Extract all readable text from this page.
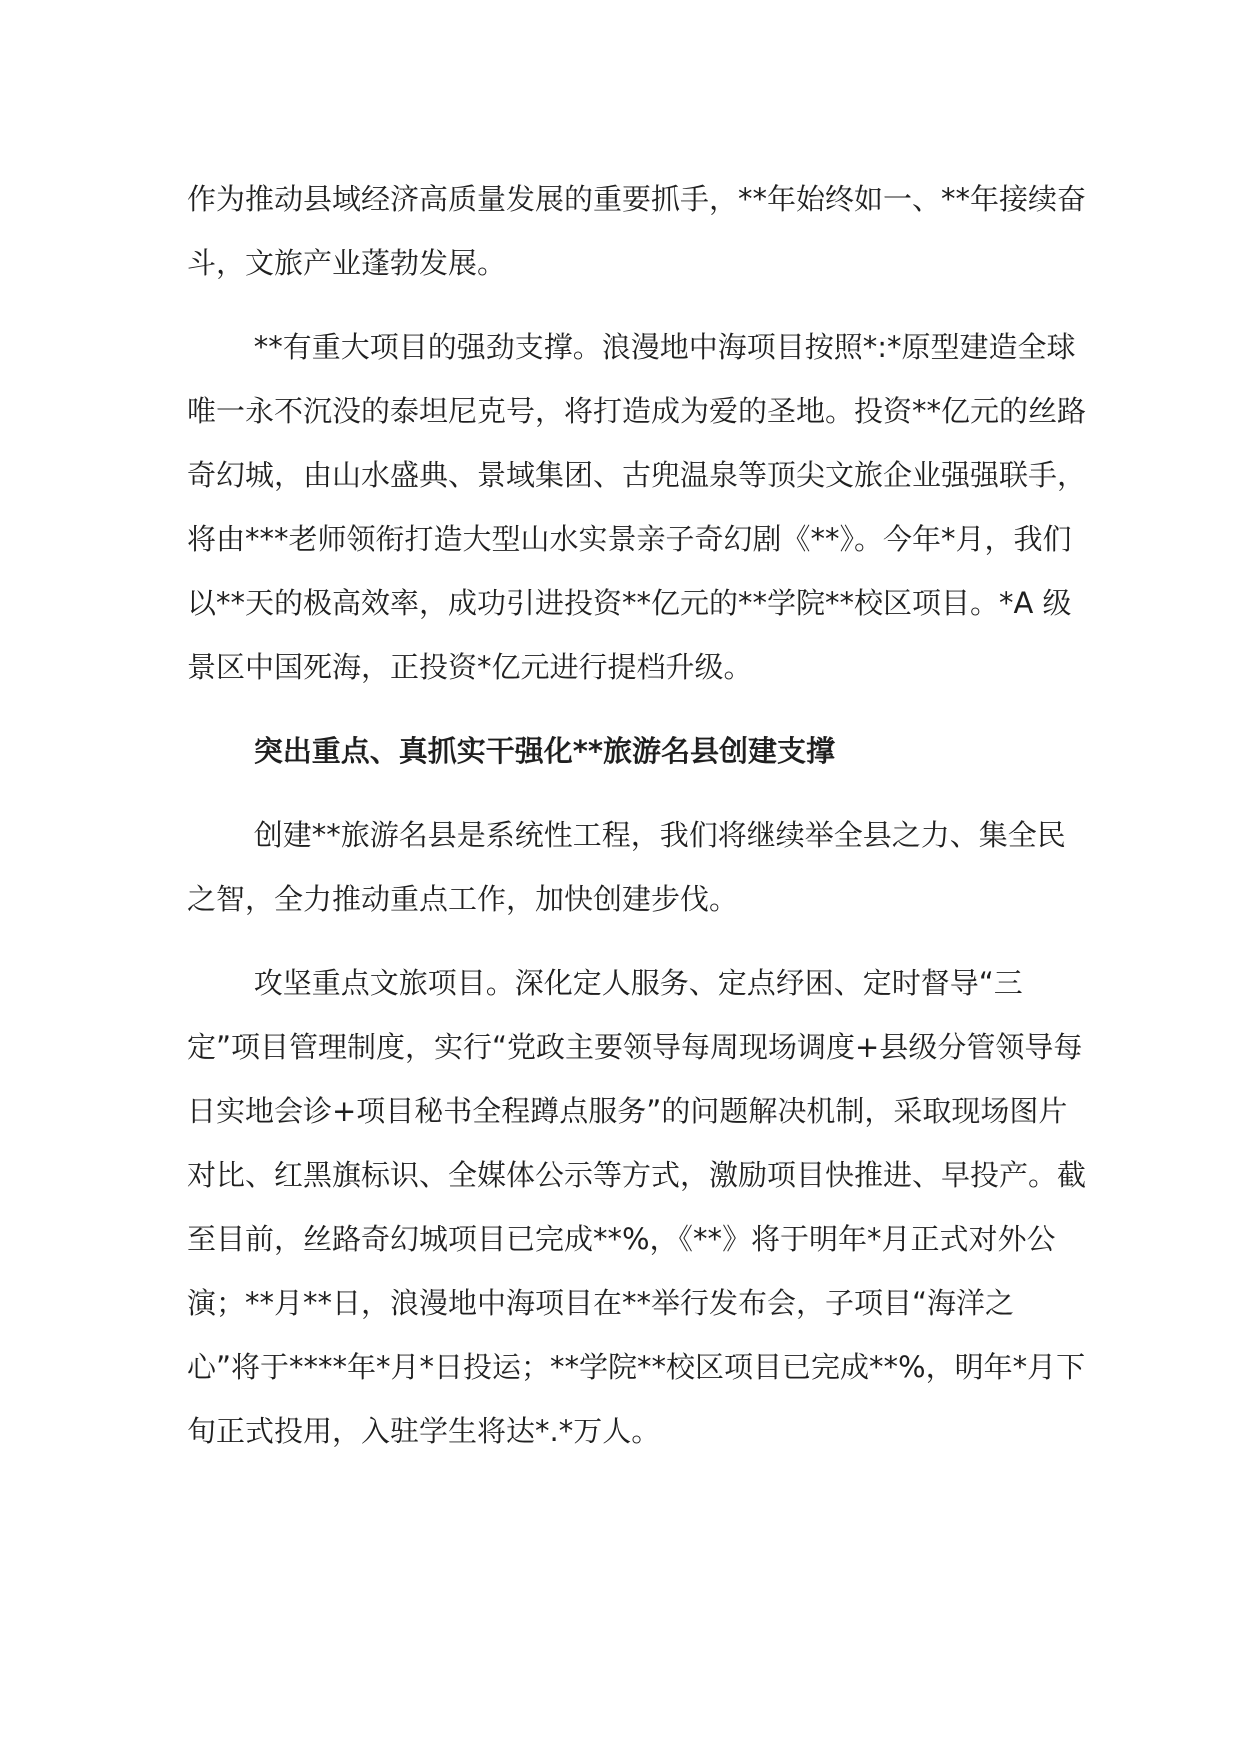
作为推动县域经济高质量发展的重要抓手，**年始终如一、**年接续奋斗，文旅产业蓬勃发展。

**有重大项目的强劲支撑。浪漫地中海项目按照*:*原型建造全球唯一永不沉没的泰坦尼克号，将打造成为爱的圣地。投资**亿元的丝路奇幻城，由山水盛典、景域集团、古兜温泉等顶尖文旅企业强强联手，将由***老师领衔打造大型山水实景亲子奇幻剧《**》。今年*月，我们以**天的极高效率，成功引进投资**亿元的**学院**校区项目。*A 级景区中国死海，正投资*亿元进行提档升级。

突出重点、真抓实干强化**旅游名县创建支撑

创建**旅游名县是系统性工程，我们将继续举全县之力、集全民之智，全力推动重点工作，加快创建步伐。

攻坚重点文旅项目。深化定人服务、定点纾困、定时督导“三定”项目管理制度，实行“党政主要领导每周现场调度+县级分管领导每日实地会诊+项目秘书全程蹲点服务”的问题解决机制，采取现场图片对比、红黑旗标识、全媒体公示等方式，激励项目快推进、早投产。截至目前，丝路奇幻城项目已完成**%，《**》将于明年*月正式对外公演；**月**日，浪漫地中海项目在**举行发布会，子项目“海洋之心”将于****年*月*日投运；**学院**校区项目已完成**%，明年*月下旬正式投用，入驻学生将达*.*万人。
